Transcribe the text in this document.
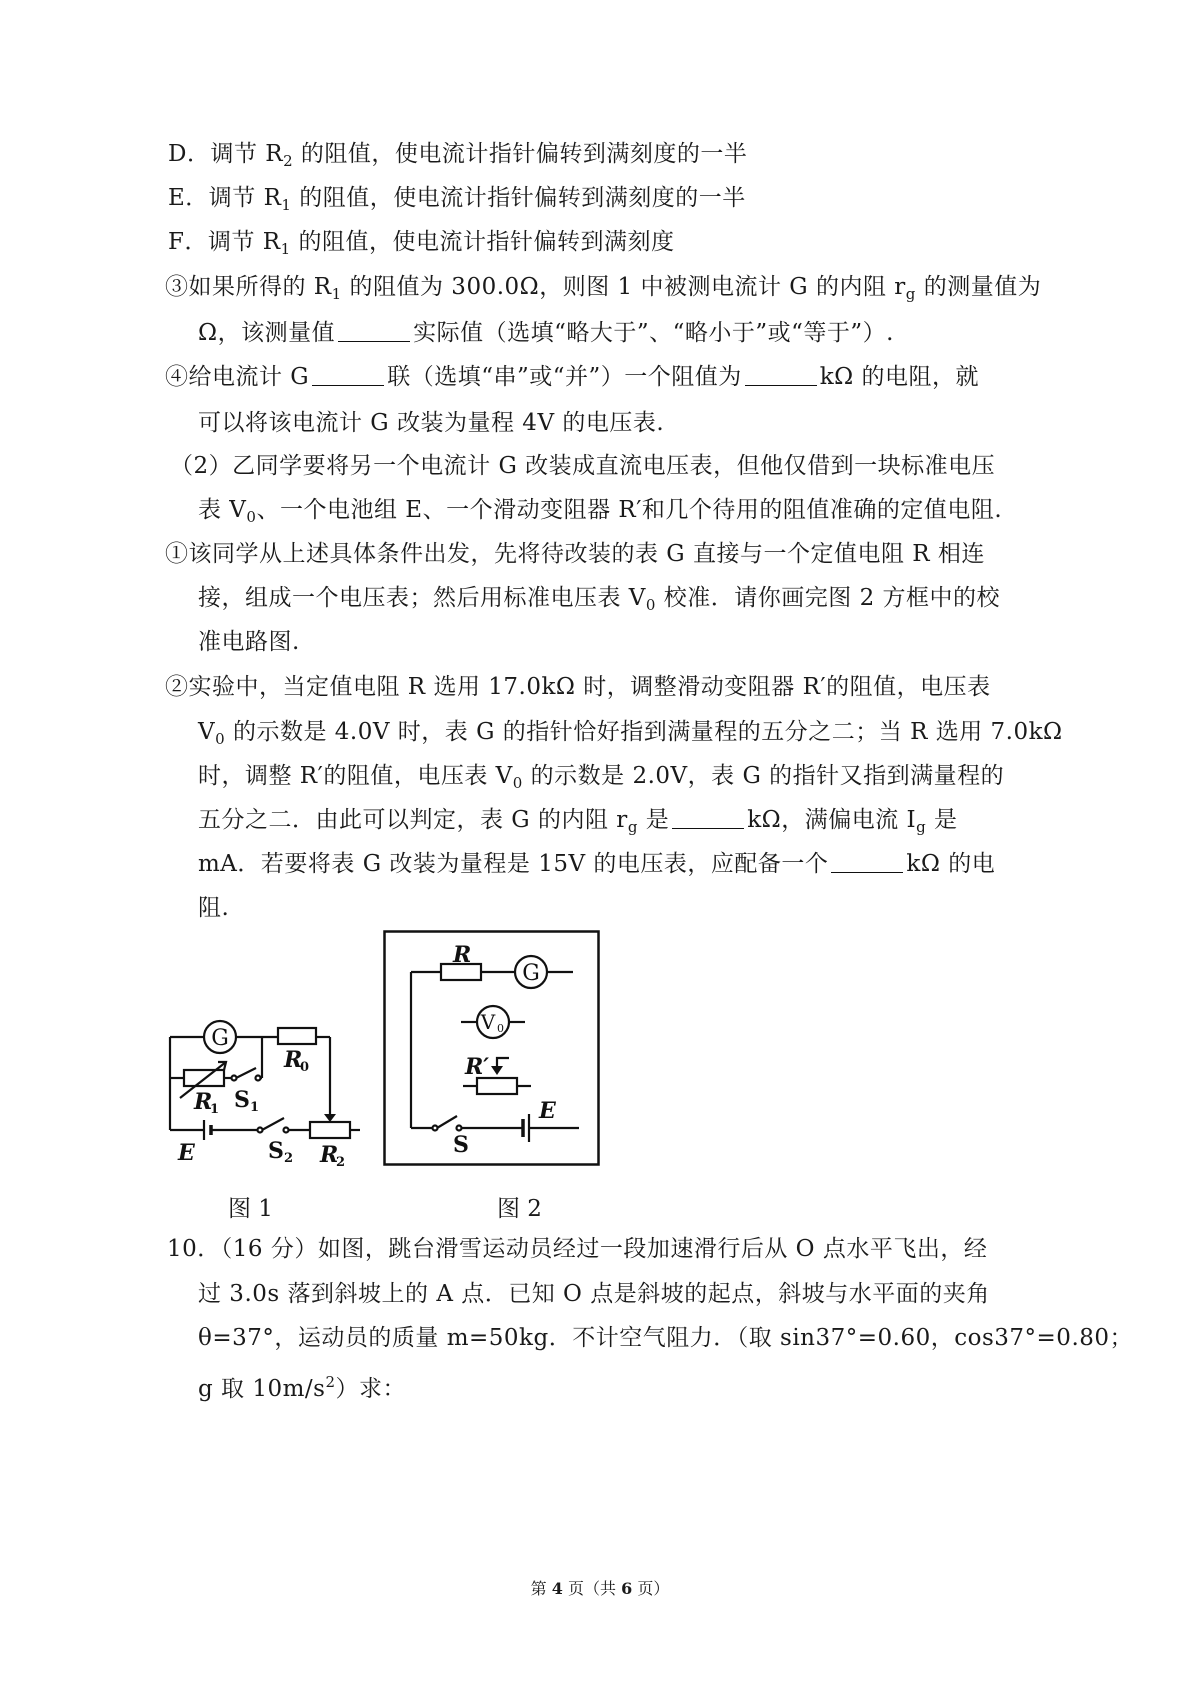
D．调节 $R_2$ 的阻值，使电流计指针偏转到满刻度的一半
E．调节 $R_1$ 的阻值，使电流计指针偏转到满刻度的一半
F．调节 $R_1$ 的阻值，使电流计指针偏转到满刻度
③如果所得的 $R_1$ 的阻值为 300.0Ω，则图 1 中被测电流计 G 的内阻 $r_g$ 的测量值为
Ω，该测量值	实际值（选填“略大于”、“略小于”或“等于”）.
④给电流计 G	联（选填“串”或“并”）一个阻值为	kΩ 的电阻，就
可以将该电流计 G 改装为量程 4V 的电压表.
（2）乙同学要将另一个电流计 G 改装成直流电压表，但他仅借到一块标准电压
表 $V_0$、一个电池组 E、一个滑动变阻器 R′和几个待用的阻值准确的定值电阻.
①该同学从上述具体条件出发，先将待改装的表 G 直接与一个定值电阻 R 相连
接，组成一个电压表；然后用标准电压表 $V_0$ 校准．请你画完图 2 方框中的校
准电路图.
②实验中，当定值电阻 R 选用 17.0kΩ 时，调整滑动变阻器 R′的阻值，电压表
$V_0$ 的示数是 4.0V 时，表 G 的指针恰好指到满量程的五分之二；当 R 选用 7.0kΩ
时，调整 R′的阻值，电压表 $V_0$ 的示数是 2.0V，表 G 的指针又指到满量程的
五分之二．由此可以判定，表 G 的内阻 $r_g$ 是	kΩ，满偏电流 $I_g$ 是
mA．若要将表 G 改装为量程是 15V 的电压表，应配备一个	kΩ 的电
阻.
G
R
0
R
1 S 1
E	S 2 R
2
R
G
V 0
R′
S
E
图 1	图 2
10．（16 分）如图，跳台滑雪运动员经过一段加速滑行后从 O 点水平飞出，经
过 3.0s 落到斜坡上的 A 点．已知 O 点是斜坡的起点，斜坡与水平面的夹角
θ=37°，运动员的质量 m=50kg．不计空气阻力．（取 sin37°=0.60，cos37°=0.80；
g 取 $10m/s^2$）求：
第 4 页（共 6 页）
